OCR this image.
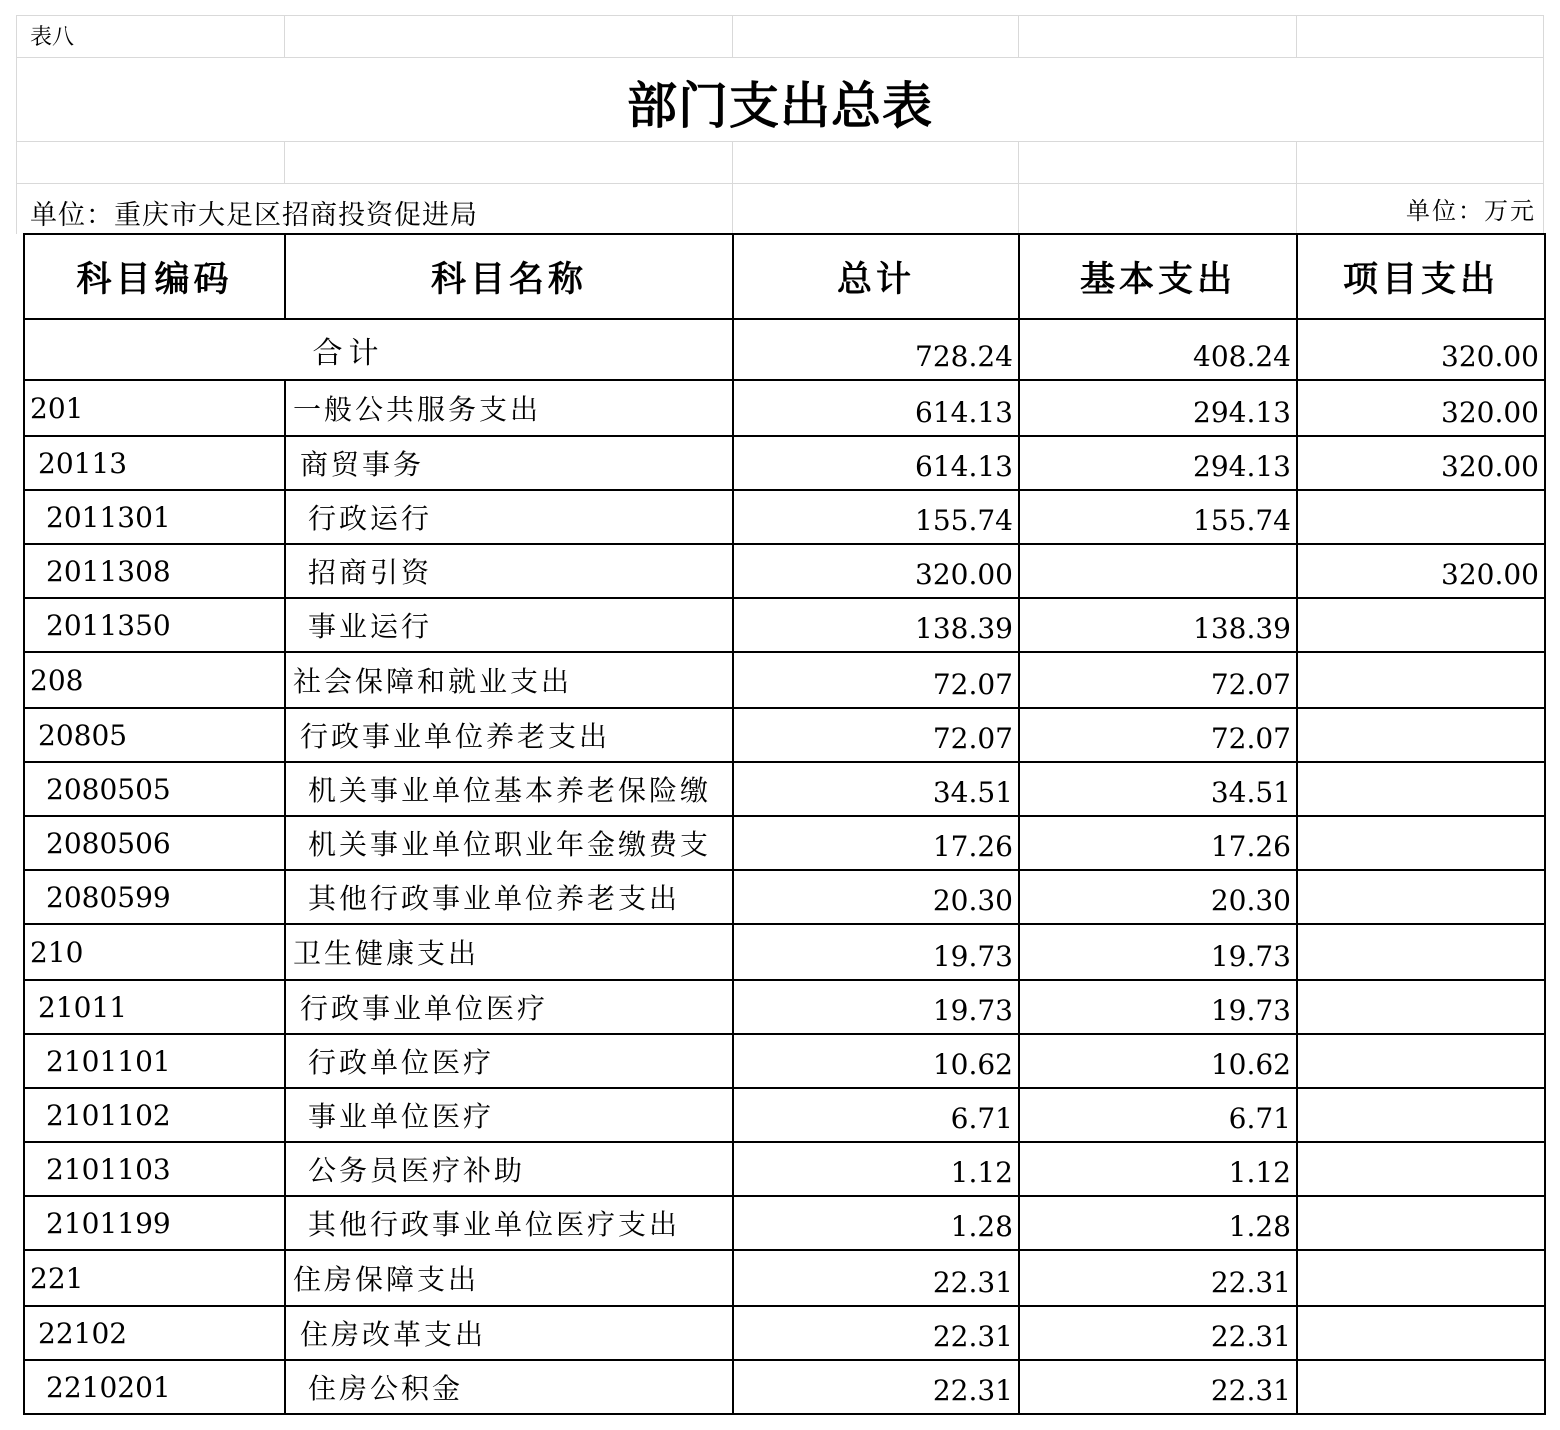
表八
部门支出总表
单位：重庆市大足区招商投资促进局	单位：万元
科目编码	科目名称	总计	基本支出	项目支出
合计		728.24	408.24	320.00
201	一般公共服务支出	614.13	294.13	320.00
20113	商贸事务	614.13	294.13	320.00
2011301	行政运行	155.74	155.74	
2011308	招商引资	320.00		320.00
2011350	事业运行	138.39	138.39	
208	社会保障和就业支出	72.07	72.07	
20805	行政事业单位养老支出	72.07	72.07	
2080505	机关事业单位基本养老保险缴	34.51	34.51	
2080506	机关事业单位职业年金缴费支	17.26	17.26	
2080599	其他行政事业单位养老支出	20.30	20.30	
210	卫生健康支出	19.73	19.73	
21011	行政事业单位医疗	19.73	19.73	
2101101	行政单位医疗	10.62	10.62	
2101102	事业单位医疗	6.71	6.71	
2101103	公务员医疗补助	1.12	1.12	
2101199	其他行政事业单位医疗支出	1.28	1.28	
221	住房保障支出	22.31	22.31	
22102	住房改革支出	22.31	22.31	
2210201	住房公积金	22.31	22.31	
